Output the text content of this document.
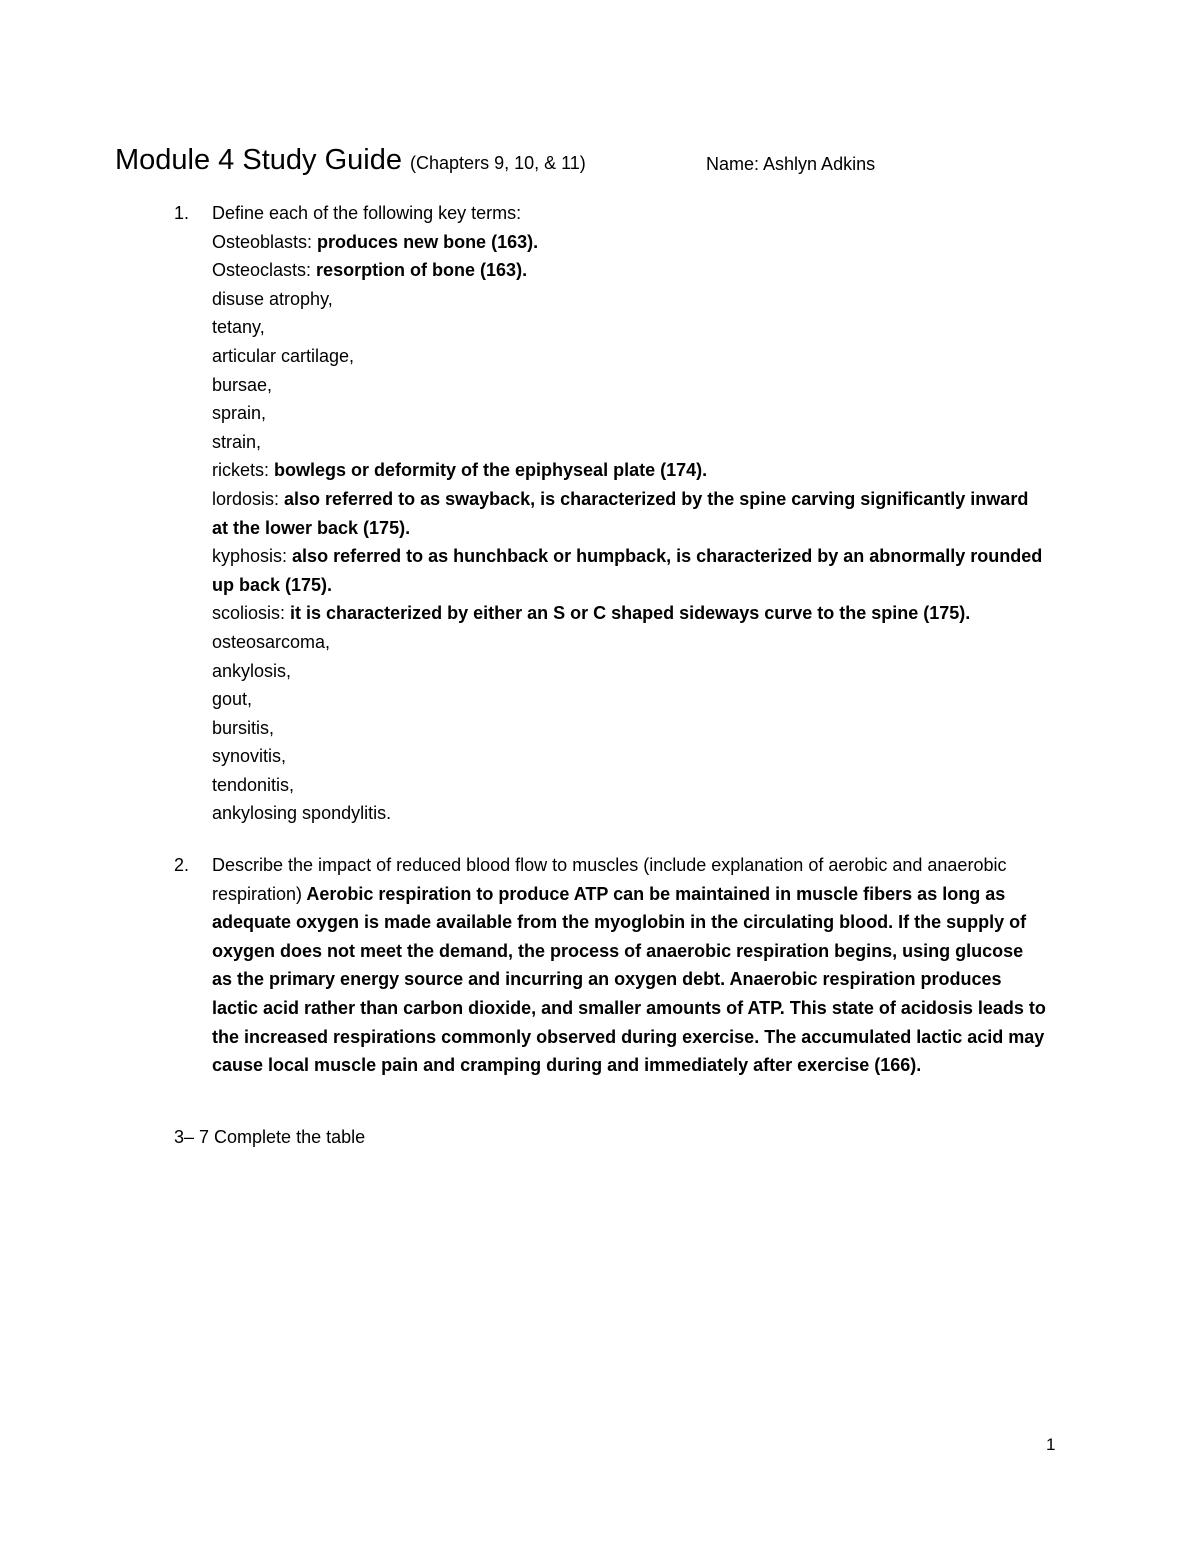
Module 4 Study Guide (Chapters 9, 10, & 11)	Name: Ashlyn Adkins
1. Define each of the following key terms:
Osteoblasts: produces new bone (163).
Osteoclasts: resorption of bone (163).
disuse atrophy,
tetany,
articular cartilage,
bursae,
sprain,
strain,
rickets: bowlegs or deformity of the epiphyseal plate (174).
lordosis: also referred to as swayback, is characterized by the spine carving significantly inward at the lower back (175).
kyphosis: also referred to as hunchback or humpback, is characterized by an abnormally rounded up back (175).
scoliosis: it is characterized by either an S or C shaped sideways curve to the spine (175).
osteosarcoma,
ankylosis,
gout,
bursitis,
synovitis,
tendonitis,
ankylosing spondylitis.
2. Describe the impact of reduced blood flow to muscles (include explanation of aerobic and anaerobic respiration) Aerobic respiration to produce ATP can be maintained in muscle fibers as long as adequate oxygen is made available from the myoglobin in the circulating blood. If the supply of oxygen does not meet the demand, the process of anaerobic respiration begins, using glucose as the primary energy source and incurring an oxygen debt. Anaerobic respiration produces lactic acid rather than carbon dioxide, and smaller amounts of ATP. This state of acidosis leads to the increased respirations commonly observed during exercise. The accumulated lactic acid may cause local muscle pain and cramping during and immediately after exercise (166).
3– 7 Complete the table
1
